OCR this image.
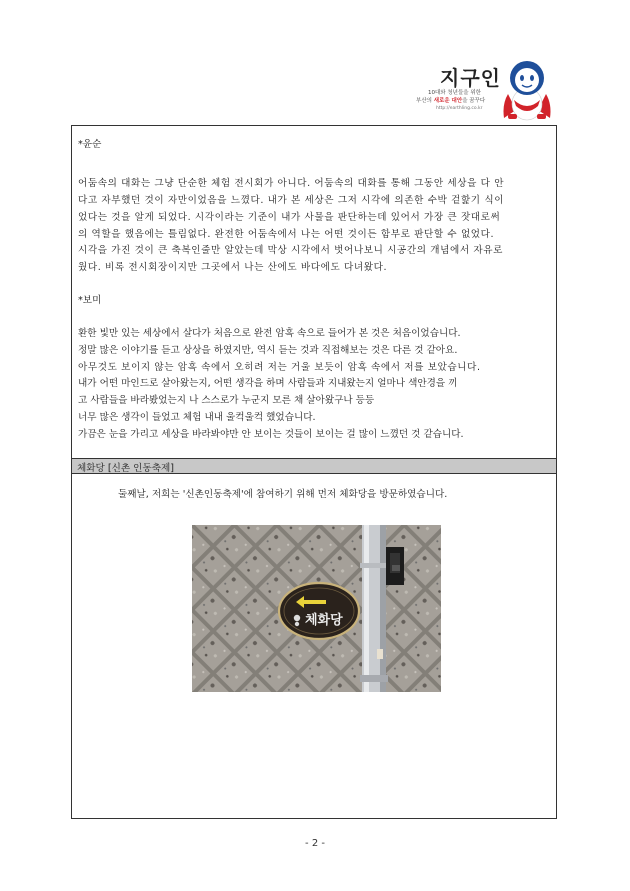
지구인
10대와 청년들을 위한
부산의 새로운 대안을 꿈꾸다
http://earthling.co.kr
*윤순
어둠속의 대화는 그냥 단순한 체험 전시회가 아니다. 어둠속의 대화를 통해 그동안 세상을 다 안
다고 자부했던 것이 자만이었음을 느꼈다. 내가 본 세상은 그저 시각에 의존한 수박 겉핥기 식이
었다는 것을 알게 되었다. 시각이라는 기준이 내가 사물을 판단하는데 있어서 가장 큰 잣대로써
의 역할을 했음에는 틀림없다. 완전한 어둠속에서 나는 어떤 것이든 함부로 판단할 수 없었다.
시각을 가진 것이 큰 축복인줄만 알았는데 막상 시각에서 벗어나보니 시공간의 개념에서 자유로
웠다. 비록 전시회장이지만 그곳에서 나는 산에도 바다에도 다녀왔다.
*보미
환한 빛만 있는 세상에서 살다가 처음으로 완전 암흑 속으로 들어가 본 것은 처음이었습니다.
정말 많은 이야기를 듣고 상상을 하였지만, 역시 듣는 것과 직접해보는 것은 다른 것 같아요.
아무것도 보이지 않는 암흑 속에서 오히려 저는 거울 보듯이 암흑 속에서 저를 보았습니다.
내가 어떤 마인드로 살아왔는지, 어떤 생각을 하며 사람들과 지내왔는지 얼마나 색안경을 끼
고 사람들을 바라봤었는지 나 스스로가 누군지 모른 채 살아왔구나 등등
너무 많은 생각이 들었고 체험 내내 울컥울컥 했었습니다.
가끔은 눈을 가리고 세상을 바라봐야만 안 보이는 것들이 보이는 걸 많이 느꼈던 것 같습니다.
체화당 [신촌 인동축제]
둘째날, 저희는 '신촌인동축제'에 참여하기 위해 먼저 체화당을 방문하였습니다.
체화당
- 2 -
